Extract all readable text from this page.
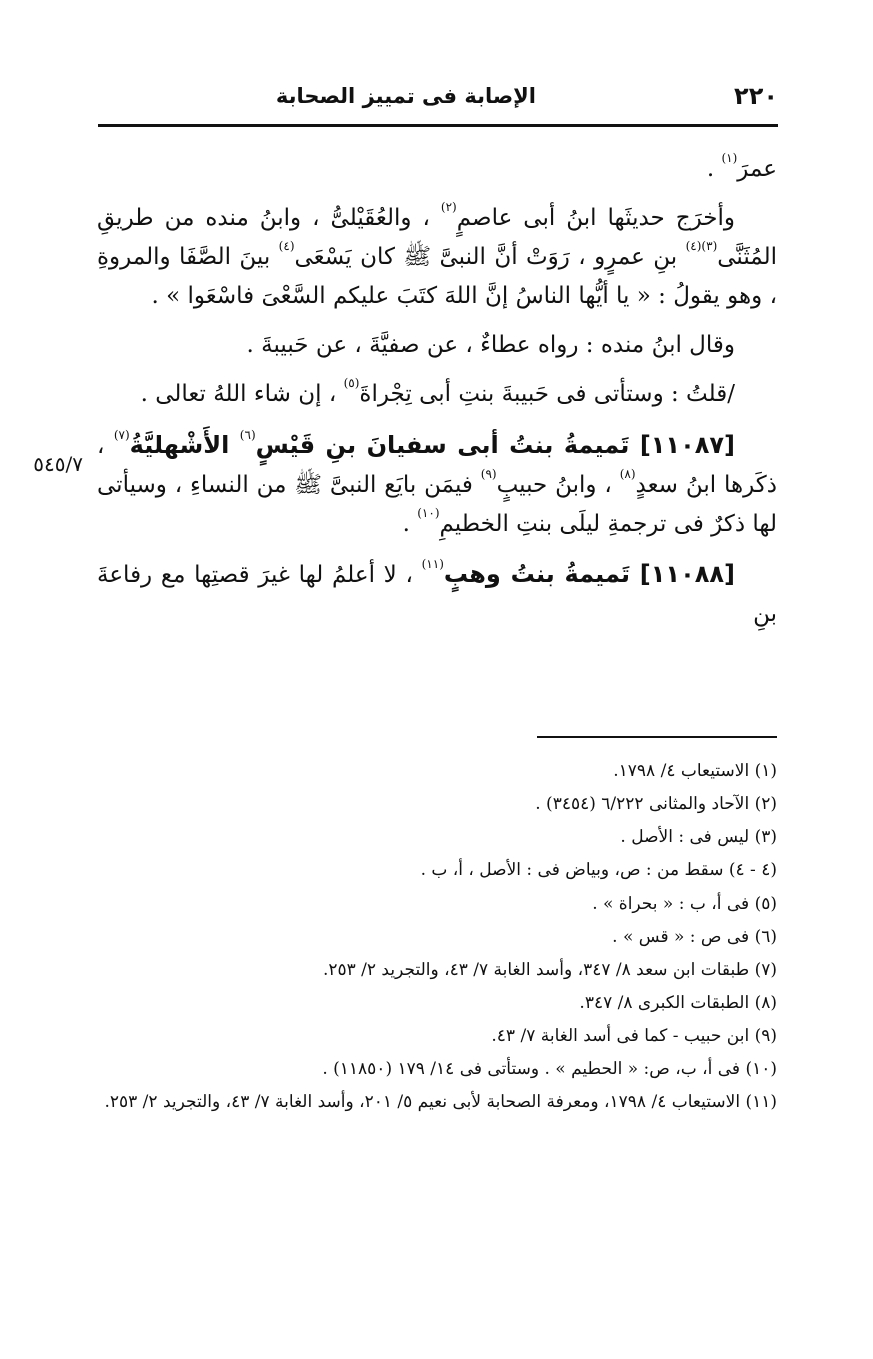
٢٢٠
الإصابة فى تمييز الصحابة
٥٤٥/٧

عمرَ$^{(١)}$ .

وأخرَج حديثَها ابنُ أبى عاصمٍ$^{(٢)}$ ، والعُقَيْلىُّ ، وابنُ منده من طريقِ المُثَنَّى$^{(٣)(٤)}$ بنِ عمرٍو ، رَوَتْ أنَّ النبىَّ ﷺ كان يَسْعَى$^{(٤)}$ بينَ الصَّفَا والمروةِ ، وهو يقولُ : « يا أيُّها الناسُ إنَّ اللهَ كتَبَ عليكم السَّعْىَ فاسْعَوا » .

وقال ابنُ منده : رواه عطاءٌ ، عن صفيَّةَ ، عن حَبيبةَ .

/قلتُ : وستأتى فى حَبيبةَ بنتِ أبى تِجْراةَ$^{(٥)}$ ، إن شاء اللهُ تعالى .

[١١٠٨٧] تَميمةُ بنتُ أبى سفيانَ بنِ قَيْسٍ$^{(٦)}$ الأَشْهليَّةُ$^{(٧)}$ ، ذكَرها ابنُ سعدٍ$^{(٨)}$ ، وابنُ حبيبٍ$^{(٩)}$ فيمَن بايَع النبىَّ ﷺ من النساءِ ، وسيأتى لها ذكرٌ فى ترجمةِ ليلَى بنتِ الخطيمِ$^{(١٠)}$ .

[١١٠٨٨] تَميمةُ بنتُ وهبٍ$^{(١١)}$ ، لا أعلمُ لها غيرَ قصتِها مع رفاعةَ بنِ

(١) الاستيعاب ٤/ ١٧٩٨.
(٢) الآحاد والمثانى ٦/٢٢٢ (٣٤٥٤) .
(٣) ليس فى : الأصل .
(٤ - ٤) سقط من : ص، وبياض فى : الأصل ، أ، ب .
(٥) فى أ، ب : « بحراة » .
(٦) فى ص : « قس » .
(٧) طبقات ابن سعد ٨/ ٣٤٧، وأسد الغابة ٧/ ٤٣، والتجريد ٢/ ٢٥٣.
(٨) الطبقات الكبرى ٨/ ٣٤٧.
(٩) ابن حبيب - كما فى أسد الغابة ٧/ ٤٣.
(١٠) فى أ، ب، ص: « الحطيم » . وستأتى فى ١٤/ ١٧٩ (١١٨٥٠) .
(١١) الاستيعاب ٤/ ١٧٩٨، ومعرفة الصحابة لأبى نعيم ٥/ ٢٠١، وأسد الغابة ٧/ ٤٣، والتجريد ٢/ ٢٥٣.
